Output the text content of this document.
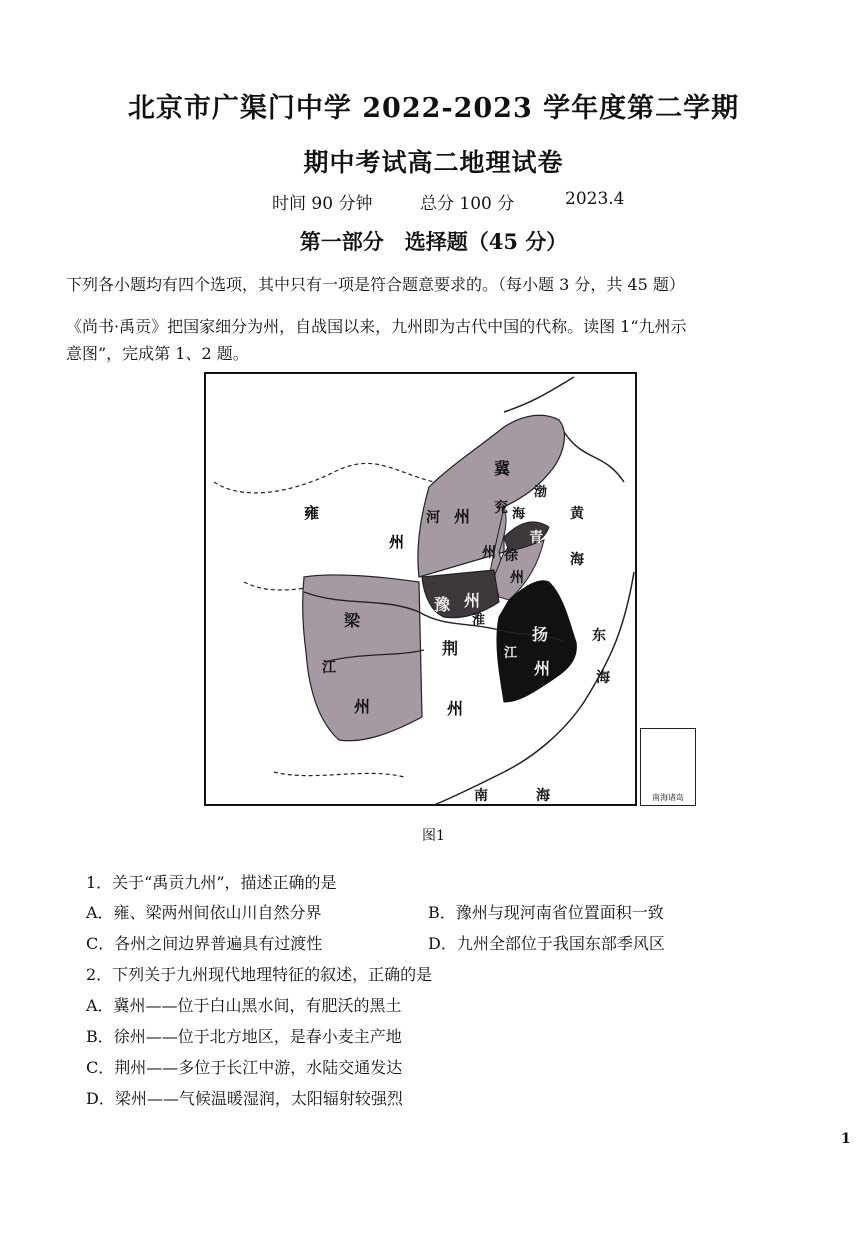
北京市广渠门中学 2022-2023 学年度第二学期
期中考试高二地理试卷
时间 90 分钟	总分 100 分	2023.4
第一部分　选择题（45 分）
下列各小题均有四个选项，其中只有一项是符合题意要求的。（每小题 3 分，共 45 题）
《尚书·禹贡》把国家细分为州，自战国以来，九州即为古代中国的代称。读图 1“九州示
意图”，完成第 1、2 题。
雍
州
冀
州
河
兖
州
青
徐
州
豫 州
梁
州
江
荆
州
扬
州
江
淮
渤
海	黄
海
东
海
南	海	南海诸岛
图1
1．关于“禹贡九州”，描述正确的是
A．雍、梁两州间依山川自然分界	B．豫州与现河南省位置面积一致
C．各州之间边界普遍具有过渡性	D．九州全部位于我国东部季风区
2．下列关于九州现代地理特征的叙述，正确的是
A．冀州——位于白山黑水间，有肥沃的黑土
B．徐州——位于北方地区，是春小麦主产地
C．荆州——多位于长江中游，水陆交通发达
D．梁州——气候温暖湿润，太阳辐射较强烈
1
